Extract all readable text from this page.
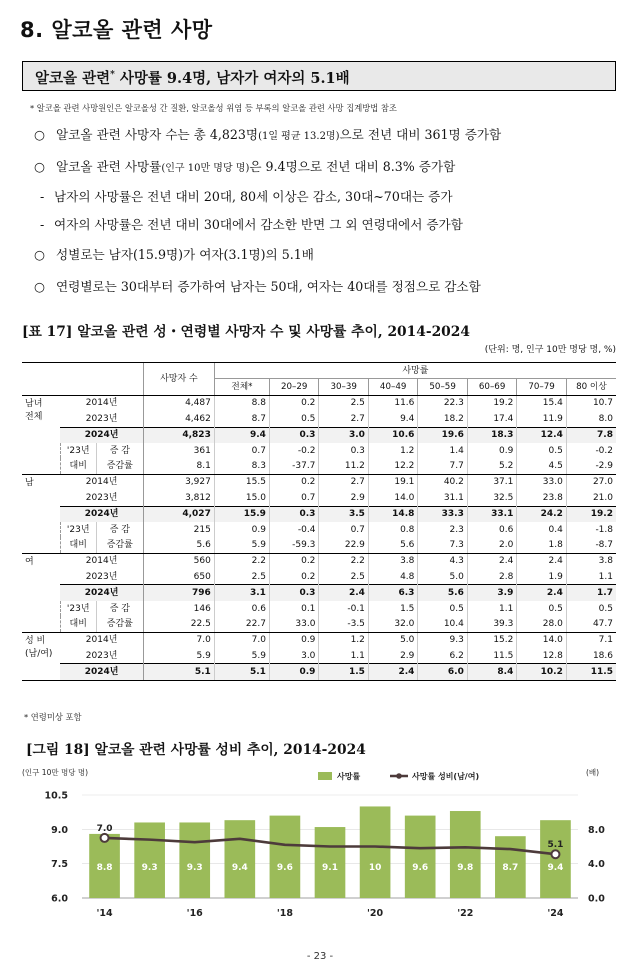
8. 알코올 관련 사망
알코올 관련* 사망률 9.4명, 남자가 여자의 5.1배
* 알코올 관련 사망원인은 알코올성 간 질환, 알코올성 위염 등 부록의 알코올 관련 사망 집계방법 참조
○ 알코올 관련 사망자 수는 총 4,823명(1일 평균 13.2명)으로 전년 대비 361명 증가함
○ 알코올 관련 사망률(인구 10만 명당 명)은 9.4명으로 전년 대비 8.3% 증가함
- 남자의 사망률은 전년 대비 20대, 80세 이상은 감소, 30대~70대는 증가
- 여자의 사망률은 전년 대비 30대에서 감소한 반면 그 외 연령대에서 증가함
○ 성별로는 남자(15.9명)가 여자(3.1명)의 5.1배
○ 연령별로는 30대부터 증가하여 남자는 50대, 여자는 40대를 정점으로 감소함
[표 17] 알코올 관련 성・연령별 사망자 수 및 사망률 추이, 2014-2024
(단위: 명, 인구 10만 명당 명, %)
			사망자 수	사망률							
				전체*	20–29	30–39	40–49	50–59	60–69	70–79	80 이상
남녀
전체	2014년		4,487	8.8	0.2	2.5	11.6	22.3	19.2	15.4	10.7
	2023년		4,462	8.7	0.5	2.7	9.4	18.2	17.4	11.9	8.0
	2024년		4,823	9.4	0.3	3.0	10.6	19.6	18.3	12.4	7.8
	'23년	증 감	361	0.7	-0.2	0.3	1.2	1.4	0.9	0.5	-0.2
	대비	증감률	8.1	8.3	-37.7	11.2	12.2	7.7	5.2	4.5	-2.9
남	2014년		3,927	15.5	0.2	2.7	19.1	40.2	37.1	33.0	27.0
	2023년		3,812	15.0	0.7	2.9	14.0	31.1	32.5	23.8	21.0
	2024년		4,027	15.9	0.3	3.5	14.8	33.3	33.1	24.2	19.2
	'23년	증 감	215	0.9	-0.4	0.7	0.8	2.3	0.6	0.4	-1.8
	대비	증감률	5.6	5.9	-59.3	22.9	5.6	7.3	2.0	1.8	-8.7
여	2014년		560	2.2	0.2	2.2	3.8	4.3	2.4	2.4	3.8
	2023년		650	2.5	0.2	2.5	4.8	5.0	2.8	1.9	1.1
	2024년		796	3.1	0.3	2.4	6.3	5.6	3.9	2.4	1.7
	'23년	증 감	146	0.6	0.1	-0.1	1.5	0.5	1.1	0.5	0.5
	대비	증감률	22.5	22.7	33.0	-3.5	32.0	10.4	39.3	28.0	47.7
성 비
(남/여)	2014년		7.0	7.0	0.9	1.2	5.0	9.3	15.2	14.0	7.1
	2023년		5.9	5.9	3.0	1.1	2.9	6.2	11.5	12.8	18.6
	2024년		5.1	5.1	0.9	1.5	2.4	6.0	8.4	10.2	11.5
* 연령미상 포함
[그림 18] 알코올 관련 사망률 성비 추이, 2014-2024
(인구 10만 명당 명)	(배)
사망률	사망률 성비(남/여)
6.0
7.5
9.0
10.5
0.0
4.0
8.0
8.8	9.3	9.3	9.4	9.6	9.1	10	9.6	9.8	8.7	9.4
7.0
5.1
'14	'16	'18	'20	'22	'24
- 23 -
